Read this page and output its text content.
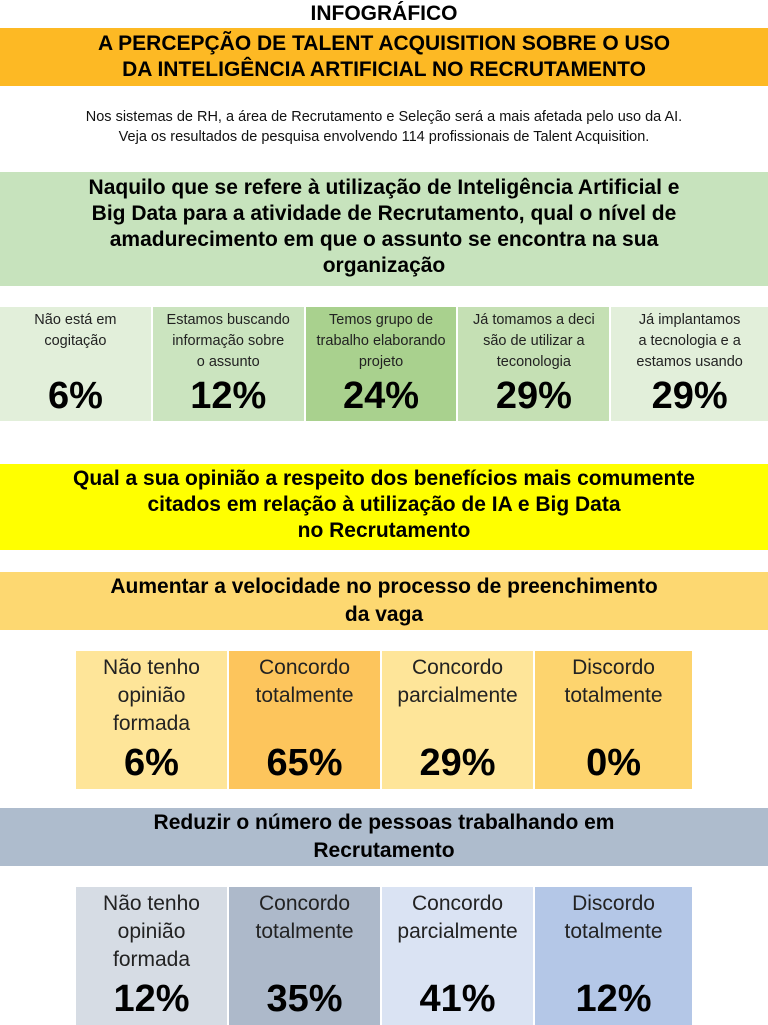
INFOGRÁFICO
A PERCEPÇÃO DE TALENT ACQUISITION SOBRE O USO
DA INTELIGÊNCIA ARTIFICIAL NO RECRUTAMENTO
Nos sistemas de RH, a área de Recrutamento e Seleção será a mais afetada pelo uso da AI.
Veja os resultados de pesquisa envolvendo 114 profissionais de Talent Acquisition.
Naquilo que se refere à utilização de Inteligência Artificial e
Big Data para a atividade de Recrutamento, qual o nível de
amadurecimento em que o assunto se encontra na sua
organização
Não está em
cogitação
6%
Estamos buscando
informação sobre
o assunto
12%
Temos grupo de
trabalho elaborando
projeto
24%
Já tomamos a deci
são de utilizar a
teconologia
29%
Já implantamos
a tecnologia e a
estamos usando
29%
Qual a sua opinião a respeito dos benefícios mais comumente
citados em relação à utilização de IA e Big Data
no Recrutamento
Aumentar a velocidade no processo de preenchimento
da vaga
Não tenho
opinião
formada
6%
Concordo
totalmente
65%
Concordo
parcialmente
29%
Discordo
totalmente
0%
Reduzir o número de pessoas trabalhando em
Recrutamento
Não tenho
opinião
formada
12%
Concordo
totalmente
35%
Concordo
parcialmente
41%
Discordo
totalmente
12%
